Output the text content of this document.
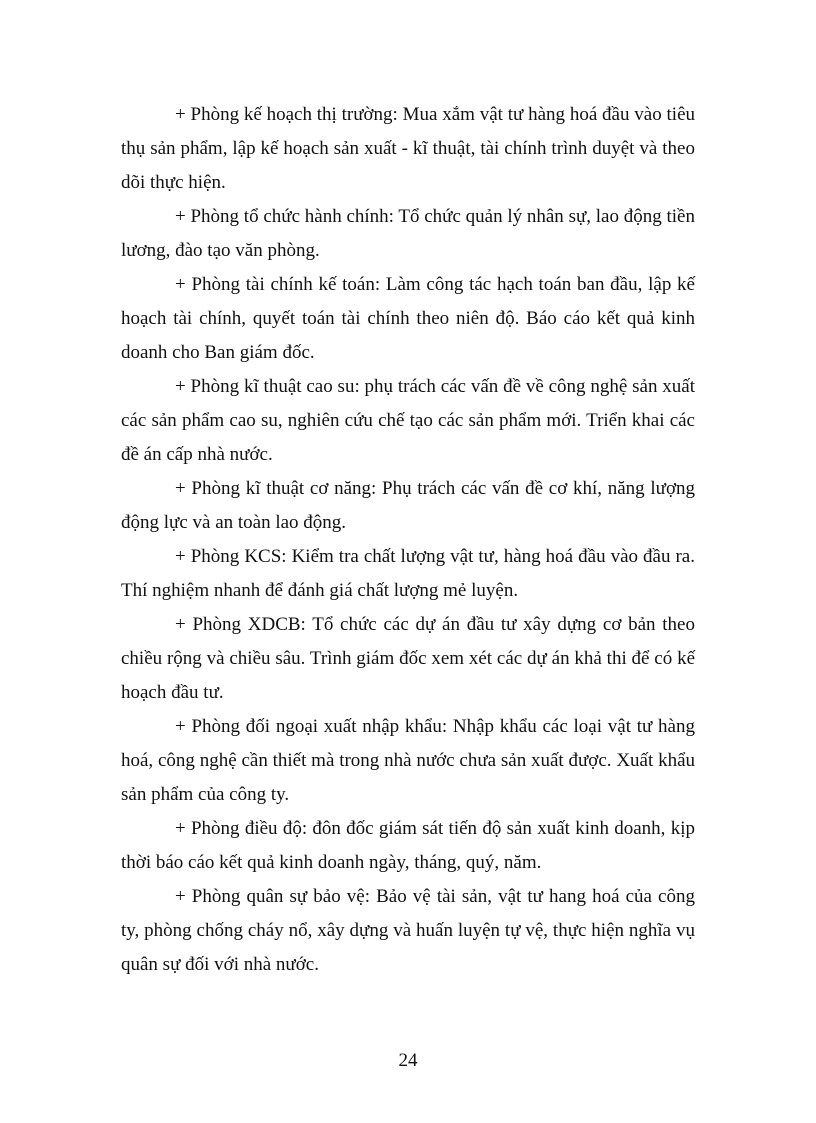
+ Phòng kế hoạch thị trường: Mua xắm vật tư hàng hoá đầu vào tiêu thụ sản phẩm, lập kế hoạch sản xuất - kĩ thuật, tài chính trình duyệt và theo dõi thực hiện.

+ Phòng tổ chức hành chính: Tổ chức quản lý nhân sự, lao động tiền lương, đào tạo văn phòng.

+ Phòng tài chính kế toán: Làm công tác hạch toán ban đầu, lập kế hoạch tài chính, quyết toán tài chính theo niên độ. Báo cáo kết quả kinh doanh cho Ban giám đốc.

+ Phòng kĩ thuật cao su: phụ trách các vấn đề về công nghệ sản xuất các sản phẩm cao su, nghiên cứu chế tạo các sản phẩm mới. Triển khai các đề án cấp nhà nước.

+ Phòng kĩ thuật cơ năng: Phụ trách các vấn đề cơ khí, năng lượng động lực và an toàn lao động.

+ Phòng KCS: Kiểm tra chất lượng vật tư, hàng hoá đầu vào đầu ra. Thí nghiệm nhanh để đánh giá chất lượng mẻ luyện.

+ Phòng XDCB: Tổ chức các dự án đầu tư xây dựng cơ bản theo chiều rộng và chiều sâu. Trình giám đốc xem xét các dự án khả thi để có kế hoạch đầu tư.

+ Phòng đối ngoại xuất nhập khẩu: Nhập khẩu các loại vật tư hàng hoá, công nghệ cần thiết mà trong nhà nước chưa sản xuất được. Xuất khẩu sản phẩm của công ty.

+ Phòng điều độ: đôn đốc giám sát tiến độ sản xuất kinh doanh, kịp thời báo cáo kết quả kinh doanh ngày, tháng, quý, năm.

+ Phòng quân sự bảo vệ: Bảo vệ tài sản, vật tư hang hoá của công ty, phòng chống cháy nổ, xây dựng và huấn luyện tự vệ, thực hiện nghĩa vụ quân sự đối với nhà nước.

24
